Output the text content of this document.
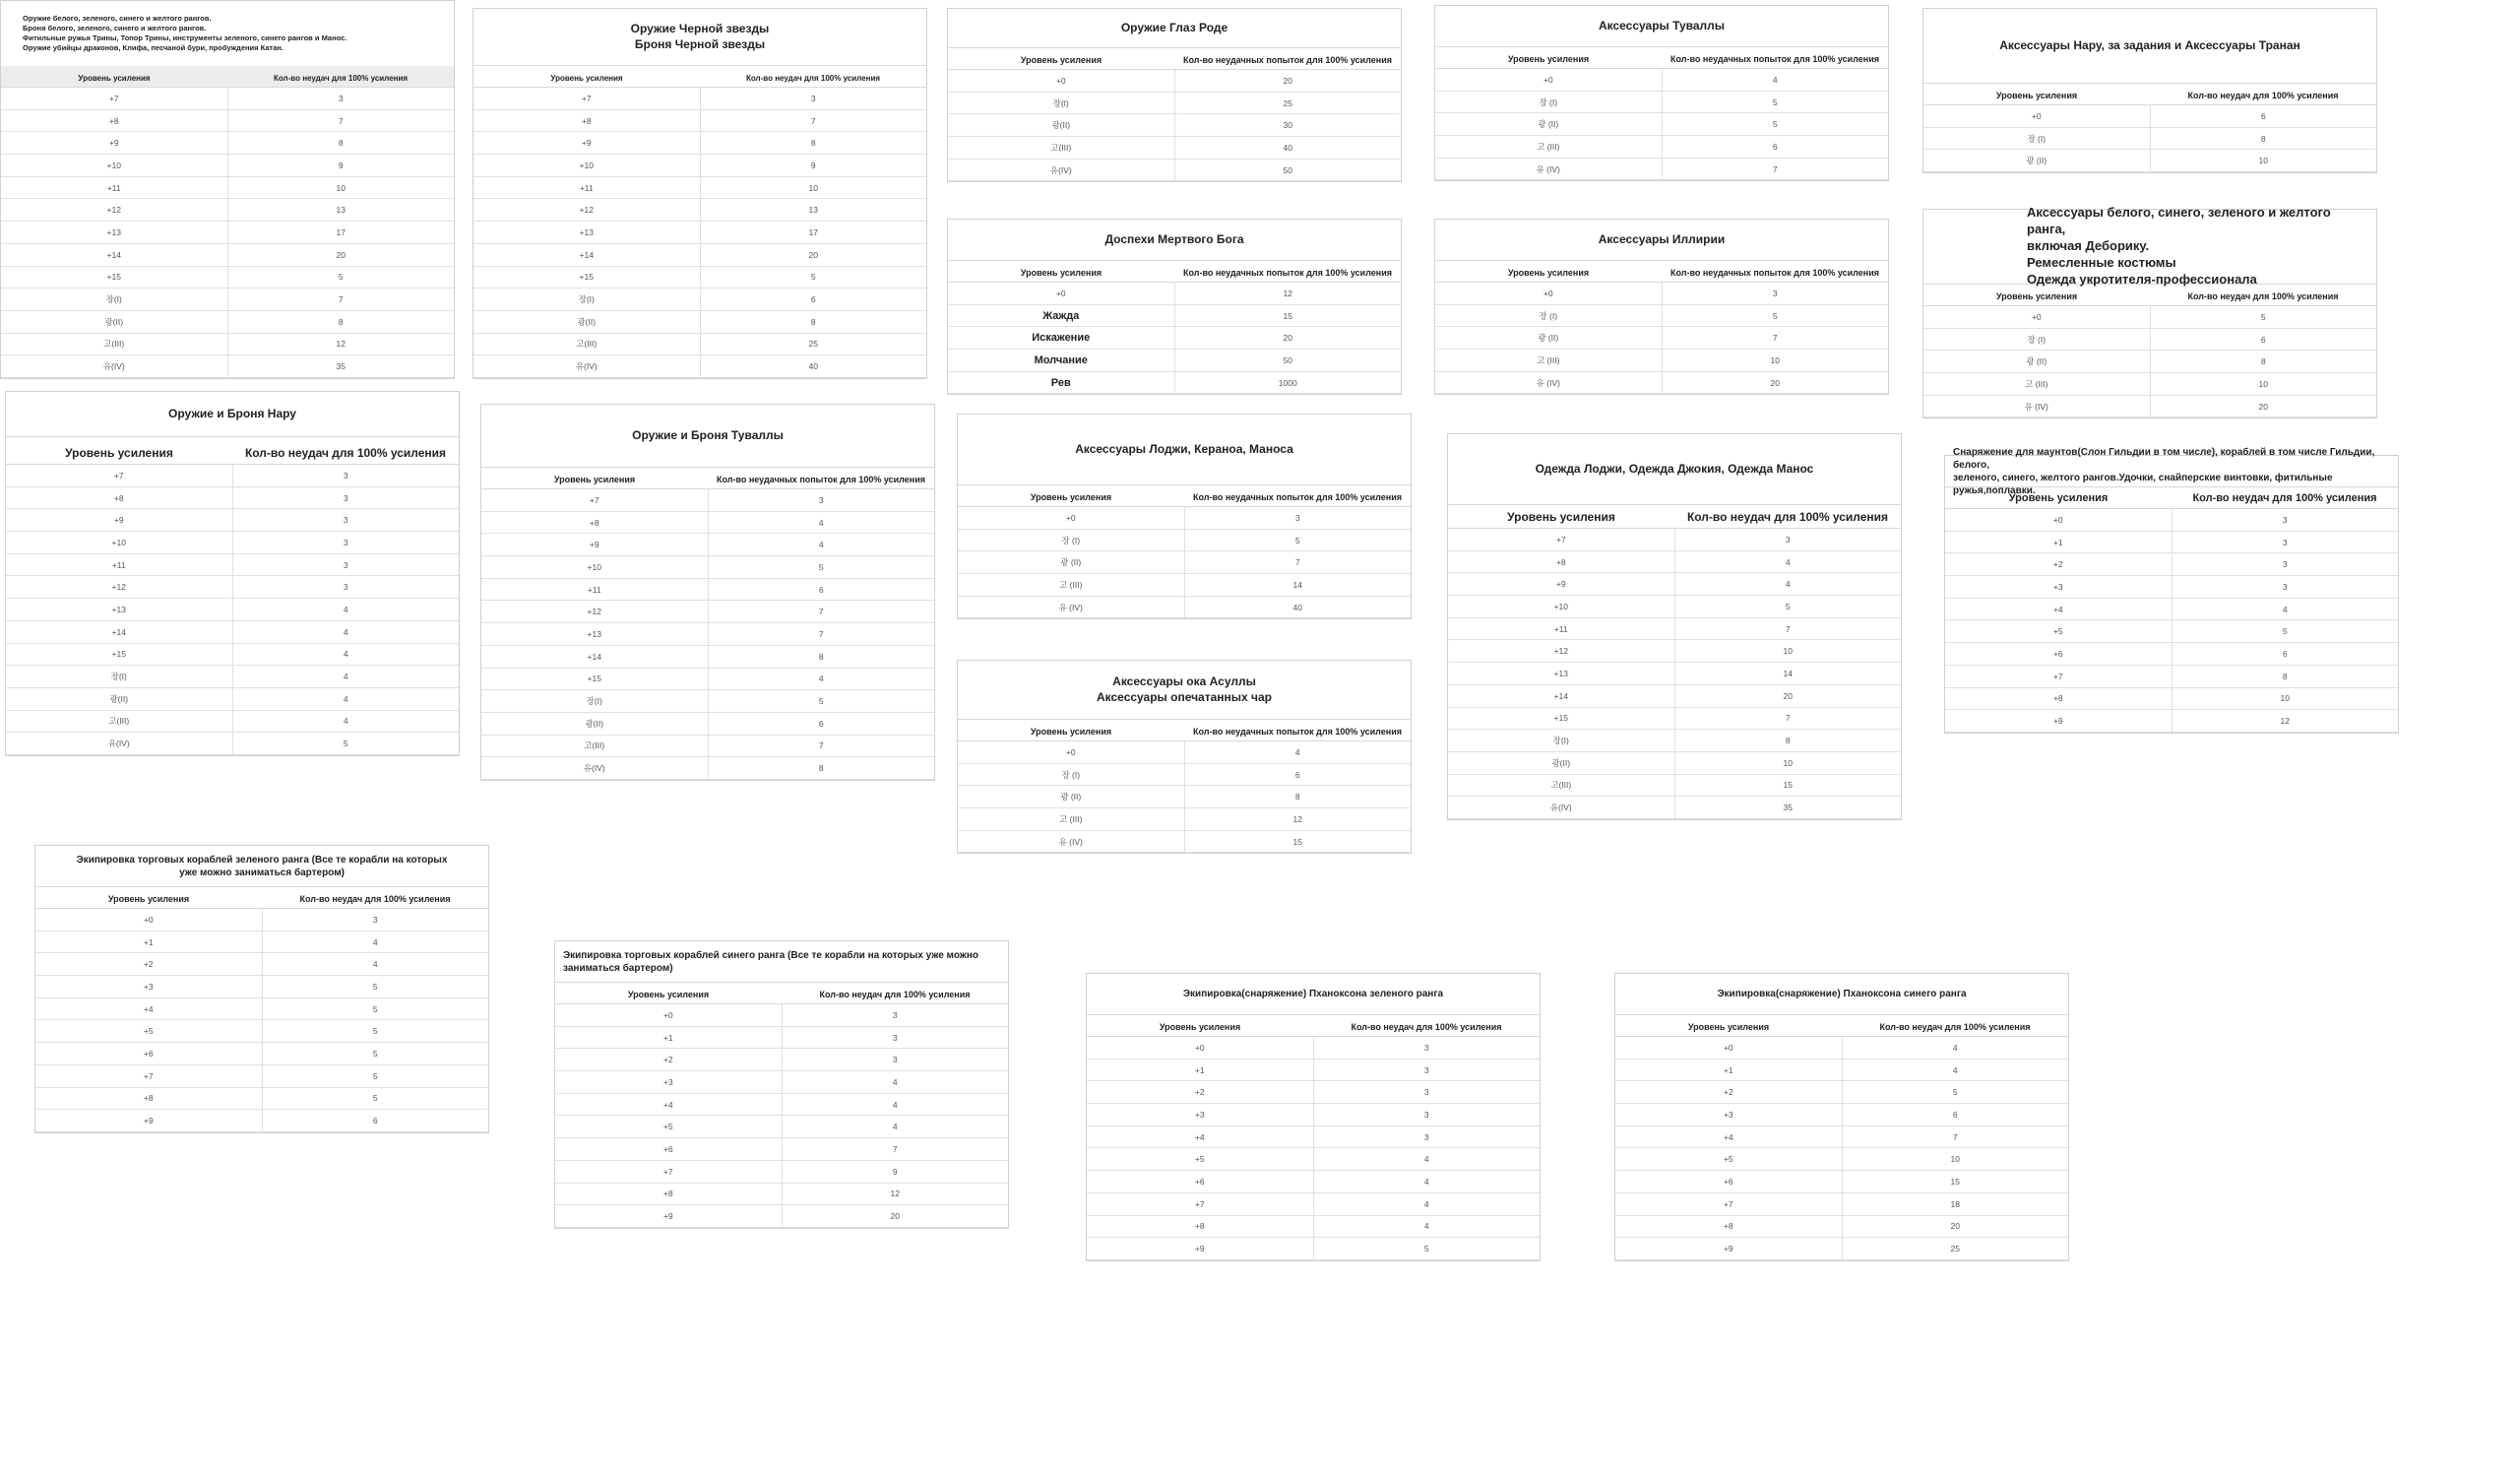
Оружие белого, зеленого, синего и желтого рангов.
Броня белого, зеленого, синего и желтого рангов.
Фитильные ружья Трины, Топор Трины, инструменты зеленого, синего рангов и Манос.
Оружие убийцы драконов, Клифа, песчаной бури, пробуждения Катан.
Уровень усиления	Кол-во неудач для 100% усиления
+7	3
+8	7
+9	8
+10	9
+11	10
+12	13
+13	17
+14	20
+15	5
장(I)	7
광(II)	8
고(III)	12
유(IV)	35
Оружие Черной звезды
Броня Черной звезды
Уровень усиления	Кол-во неудач для 100% усиления
+7	3
+8	7
+9	8
+10	9
+11	10
+12	13
+13	17
+14	20
+15	5
장(I)	6
광(II)	8
고(III)	25
유(IV)	40
Оружие Глаз Роде
Уровень усиления	Кол-во неудачных попыток для 100% усиления
+0	20
장(I)	25
광(II)	30
고(III)	40
유(IV)	50
Аксессуары Туваллы
Уровень усиления	Кол-во неудачных попыток для 100% усиления
+0	4
장 (I)	5
광 (II)	5
고 (III)	6
유 (IV)	7
Аксессуары Нару, за задания и Аксессуары Транан
Уровень усиления	Кол-во неудач для 100% усиления
+0	6
장 (I)	8
광 (II)	10
Доспехи Мертвого Бога
Уровень усиления	Кол-во неудачных попыток для 100% усиления
+0	12
Жажда	15
Искажение	20
Молчание	50
Рев	1000
Аксессуары Иллирии
Уровень усиления	Кол-во неудачных попыток для 100% усиления
+0	3
장 (I)	5
광 (II)	7
고 (III)	10
유 (IV)	20
Аксессуары белого, синего, зеленого и желтого ранга,
включая Деборику.
Ремесленные костюмы
Одежда укротителя-профессионала
Уровень усиления	Кол-во неудач для 100% усиления
+0	5
장 (I)	6
광 (II)	8
고 (III)	10
유 (IV)	20
Оружие и Броня Нару
Уровень усиления	Кол-во неудач для 100% усиления
+7	3
+8	3
+9	3
+10	3
+11	3
+12	3
+13	4
+14	4
+15	4
장(I)	4
광(II)	4
고(III)	4
유(IV)	5
Оружие и Броня Туваллы
Уровень усиления	Кол-во неудачных попыток для 100% усиления
+7	3
+8	4
+9	4
+10	5
+11	6
+12	7
+13	7
+14	8
+15	4
장(I)	5
광(II)	6
고(III)	7
유(IV)	8
Аксессуары Лоджи, Кераноа, Маноса
Уровень усиления	Кол-во неудачных попыток для 100% усиления
+0	3
장 (I)	5
광 (II)	7
고 (III)	14
유 (IV)	40
Одежда Лоджи, Одежда Джокия, Одежда Манос
Уровень усиления	Кол-во неудач для 100% усиления
+7	3
+8	4
+9	4
+10	5
+11	7
+12	10
+13	14
+14	20
+15	7
장(I)	8
광(II)	10
고(III)	15
유(IV)	35
Снаряжение для маунтов(Слон Гильдии в том числе), кораблей в том числе Гильдии, белого,
зеленого, синего, желтого рангов.Удочки, снайперские винтовки, фитильные ружья,поплавки.
Уровень усиления	Кол-во неудач для 100% усиления
+0	3
+1	3
+2	3
+3	3
+4	4
+5	5
+6	6
+7	8
+8	10
+9	12
Аксессуары ока Асуллы
Аксессуары опечатанных чар
Уровень усиления	Кол-во неудачных попыток для 100% усиления
+0	4
장 (I)	6
광 (II)	8
고 (III)	12
유 (IV)	15
Экипировка торговых кораблей зеленого ранга (Все те корабли на которых
уже можно заниматься бартером)
Уровень усиления	Кол-во неудач для 100% усиления
+0	3
+1	4
+2	4
+3	5
+4	5
+5	5
+6	5
+7	5
+8	5
+9	6
Экипировка торговых кораблей синего ранга (Все те корабли на которых уже можно
заниматься бартером)
Уровень усиления	Кол-во неудач для 100% усиления
+0	3
+1	3
+2	3
+3	4
+4	4
+5	4
+6	7
+7	9
+8	12
+9	20
Экипировка(снаряжение) Пханоксона зеленого ранга
Уровень усиления	Кол-во неудач для 100% усиления
+0	3
+1	3
+2	3
+3	3
+4	3
+5	4
+6	4
+7	4
+8	4
+9	5
Экипировка(снаряжение) Пханоксона синего ранга
Уровень усиления	Кол-во неудач для 100% усиления
+0	4
+1	4
+2	5
+3	6
+4	7
+5	10
+6	15
+7	18
+8	20
+9	25
